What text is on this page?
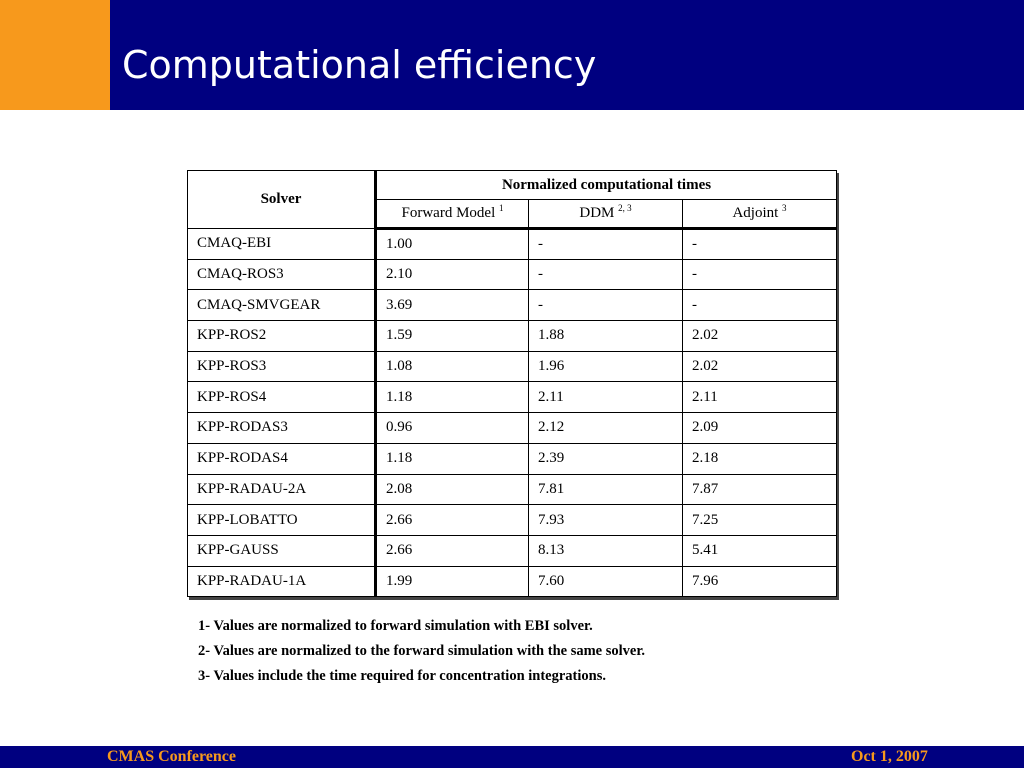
Computational efficiency
Solver	Normalized computational times		
	Forward Model $^1$	DDM $^{2, 3}$	Adjoint $^3$
CMAQ-EBI	1.00	-	-
CMAQ-ROS3	2.10	-	-
CMAQ-SMVGEAR	3.69	-	-
KPP-ROS2	1.59	1.88	2.02
KPP-ROS3	1.08	1.96	2.02
KPP-ROS4	1.18	2.11	2.11
KPP-RODAS3	0.96	2.12	2.09
KPP-RODAS4	1.18	2.39	2.18
KPP-RADAU-2A	2.08	7.81	7.87
KPP-LOBATTO	2.66	7.93	7.25
KPP-GAUSS	2.66	8.13	5.41
KPP-RADAU-1A	1.99	7.60	7.96
1- Values are normalized to forward simulation with EBI solver.
2- Values are normalized to the forward simulation with the same solver.
3- Values include the time required for concentration integrations.
CMAS Conference	Oct 1, 2007
